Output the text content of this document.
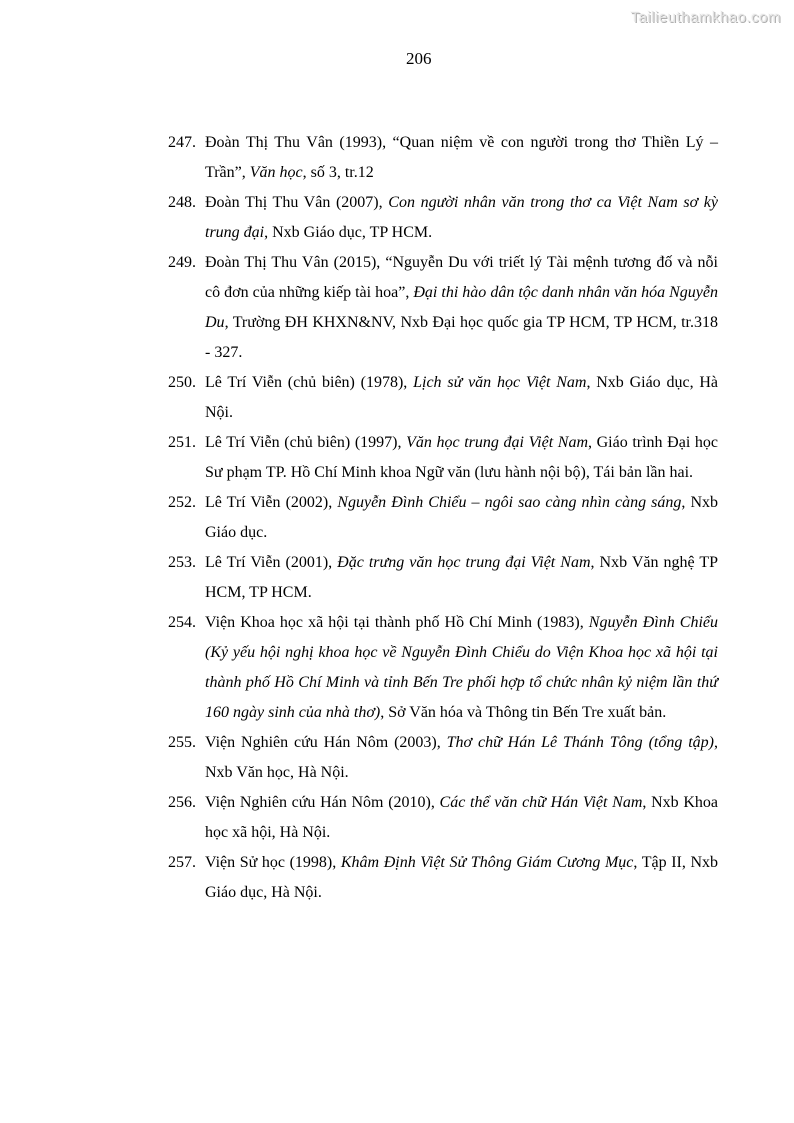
Tailieuthamkhao.com
206
247. Đoàn Thị Thu Vân (1993), “Quan niệm về con người trong thơ Thiền Lý – Trần”, Văn học, số 3, tr.12
248. Đoàn Thị Thu Vân (2007), Con người nhân văn trong thơ ca Việt Nam sơ kỳ trung đại, Nxb Giáo dục, TP HCM.
249. Đoàn Thị Thu Vân (2015), “Nguyễn Du với triết lý Tài mệnh tương đố và nỗi cô đơn của những kiếp tài hoa”, Đại thi hào dân tộc danh nhân văn hóa Nguyễn Du, Trường ĐH KHXN&NV, Nxb Đại học quốc gia TP HCM, TP HCM, tr.318 - 327.
250. Lê Trí Viễn (chủ biên) (1978), Lịch sử văn học Việt Nam, Nxb Giáo dục, Hà Nội.
251. Lê Trí Viễn (chủ biên) (1997), Văn học trung đại Việt Nam, Giáo trình Đại học Sư phạm TP. Hồ Chí Minh khoa Ngữ văn (lưu hành nội bộ), Tái bản lần hai.
252. Lê Trí Viễn (2002), Nguyễn Đình Chiểu – ngôi sao càng nhìn càng sáng, Nxb Giáo dục.
253. Lê Trí Viễn (2001), Đặc trưng văn học trung đại Việt Nam, Nxb Văn nghệ TP HCM, TP HCM.
254. Viện Khoa học xã hội tại thành phố Hồ Chí Minh (1983), Nguyễn Đình Chiểu (Kỷ yếu hội nghị khoa học về Nguyễn Đình Chiểu do Viện Khoa học xã hội tại thành phố Hồ Chí Minh và tỉnh Bến Tre phối hợp tổ chức nhân kỷ niệm lần thứ 160 ngày sinh của nhà thơ), Sở Văn hóa và Thông tin Bến Tre xuất bản.
255. Viện Nghiên cứu Hán Nôm (2003), Thơ chữ Hán Lê Thánh Tông (tổng tập), Nxb Văn học, Hà Nội.
256. Viện Nghiên cứu Hán Nôm (2010), Các thể văn chữ Hán Việt Nam, Nxb Khoa học xã hội, Hà Nội.
257. Viện Sử học (1998), Khâm Định Việt Sử Thông Giám Cương Mục, Tập II, Nxb Giáo dục, Hà Nội.
